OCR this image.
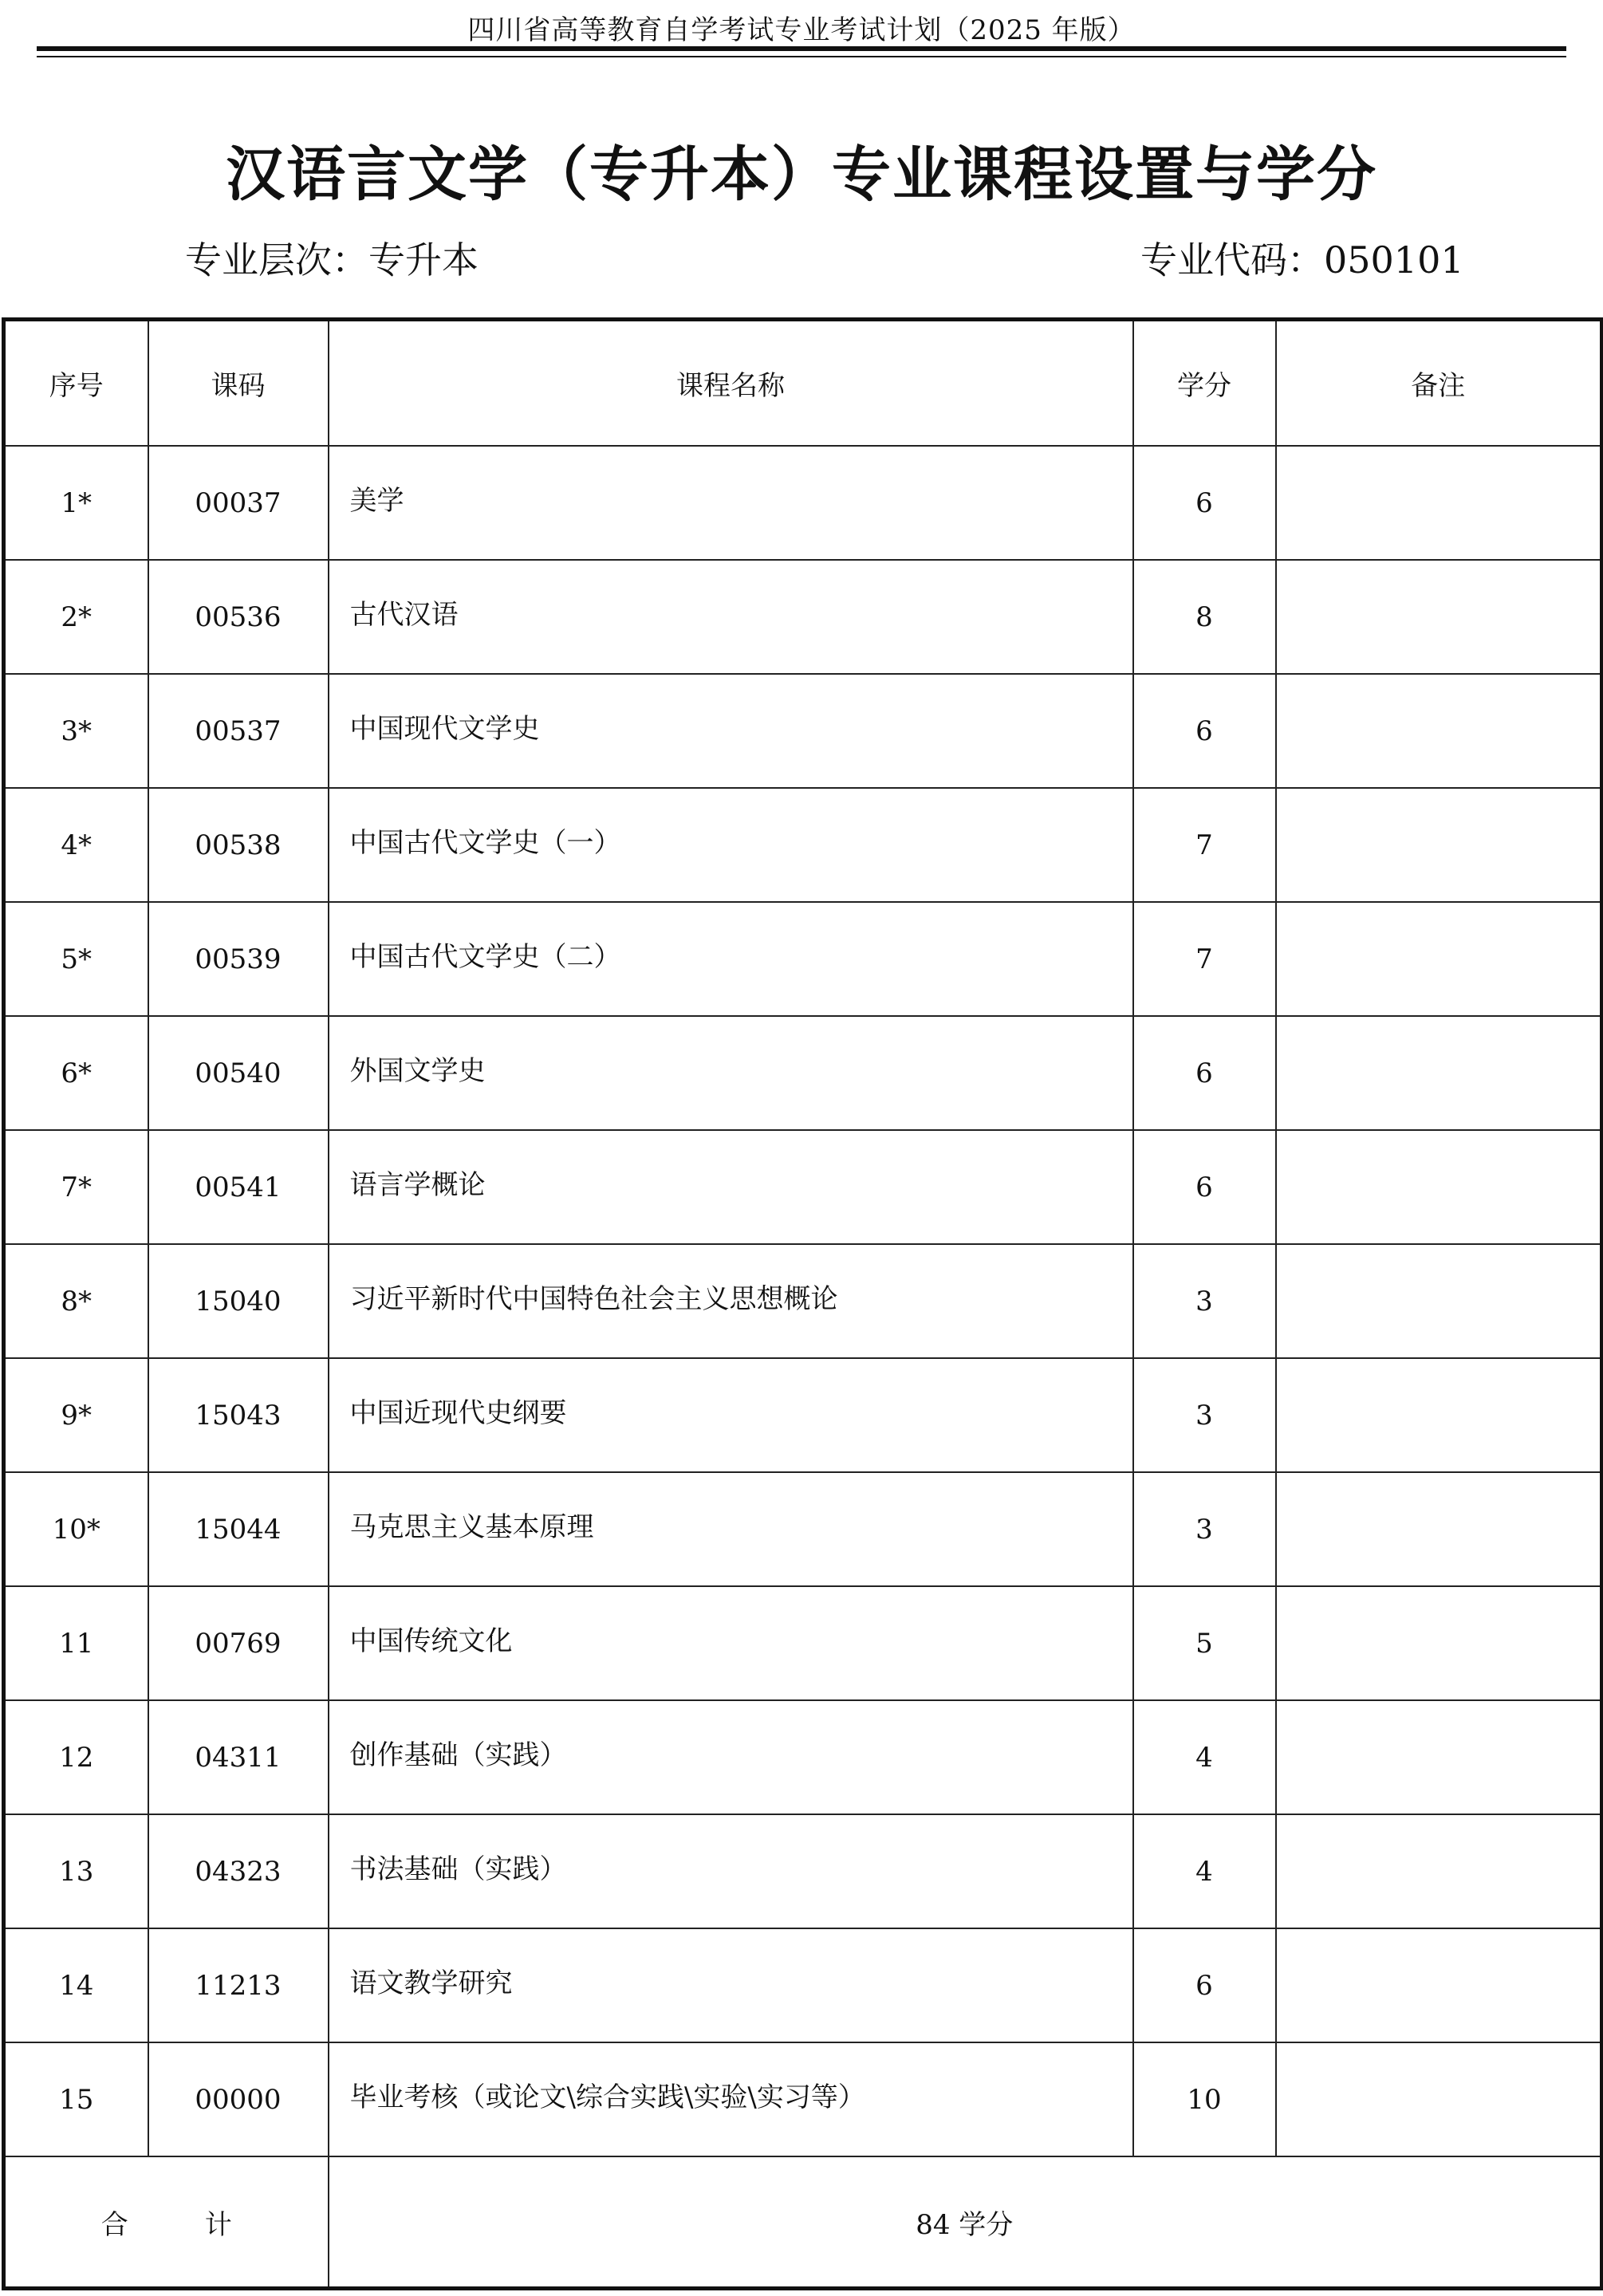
四川省高等教育自学考试专业考试计划（2025 年版）
汉语言文学（专升本）专业课程设置与学分
专业层次：专升本	专业代码：050101
序号	课码	课程名称	学分	备注
1*	00037	美学	6	
2*	00536	古代汉语	8	
3*	00537	中国现代文学史	6	
4*	00538	中国古代文学史（一）	7	
5*	00539	中国古代文学史（二）	7	
6*	00540	外国文学史	6	
7*	00541	语言学概论	6	
8*	15040	习近平新时代中国特色社会主义思想概论	3	
9*	15043	中国近现代史纲要	3	
10*	15044	马克思主义基本原理	3	
11	00769	中国传统文化	5	
12	04311	创作基础（实践）	4	
13	04323	书法基础（实践）	4	
14	11213	语文教学研究	6	
15	00000	毕业考核（或论文\综合实践\实验\实习等）	10	
合 计		84 学分		
